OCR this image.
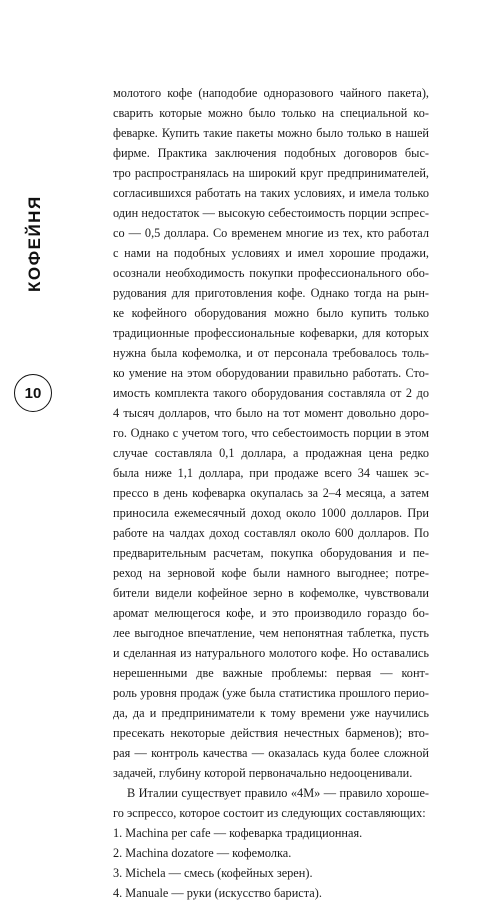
КОФЕЙНЯ
10
молотого кофе (наподобие одноразового чайного пакета),
сварить которые можно было только на специальной ко-
феварке. Купить такие пакеты можно было только в нашей
фирме. Практика заключения подобных договоров быс-
тро распространялась на широкий круг предпринимателей,
согласившихся работать на таких условиях, и имела только
один недостаток — высокую себестоимость порции эспрес-
со — 0,5 доллара. Со временем многие из тех, кто работал
с нами на подобных условиях и имел хорошие продажи,
осознали необходимость покупки профессионального обо-
рудования для приготовления кофе. Однако тогда на рын-
ке кофейного оборудования можно было купить только
традиционные профессиональные кофеварки, для которых
нужна была кофемолка, и от персонала требовалось толь-
ко умение на этом оборудовании правильно работать. Сто-
имость комплекта такого оборудования составляла от 2 до
4 тысяч долларов, что было на тот момент довольно доро-
го. Однако с учетом того, что себестоимость порции в этом
случае составляла 0,1 доллара, а продажная цена редко
была ниже 1,1 доллара, при продаже всего 34 чашек эс-
прессо в день кофеварка окупалась за 2–4 месяца, а затем
приносила ежемесячный доход около 1000 долларов. При
работе на чалдах доход составлял около 600 долларов. По
предварительным расчетам, покупка оборудования и пе-
реход на зерновой кофе были намного выгоднее; потре-
бители видели кофейное зерно в кофемолке, чувствовали
аромат мелющегося кофе, и это производило гораздо бо-
лее выгодное впечатление, чем непонятная таблетка, пусть
и сделанная из натурального молотого кофе. Но оставались
нерешенными две важные проблемы: первая — конт-
роль уровня продаж (уже была статистика прошлого перио-
да, да и предприниматели к тому времени уже научились
пресекать некоторые действия нечестных барменов); вто-
рая — контроль качества — оказалась куда более сложной
задачей, глубину которой первоначально недооценивали.
В Италии существует правило «4M» — правило хороше-
го эспрессо, которое состоит из следующих составляющих:
1. Machina per cafe — кофеварка традиционная.
2. Machina dozatore — кофемолка.
3. Michela — смесь (кофейных зерен).
4. Manuale — руки (искусство бариста).
